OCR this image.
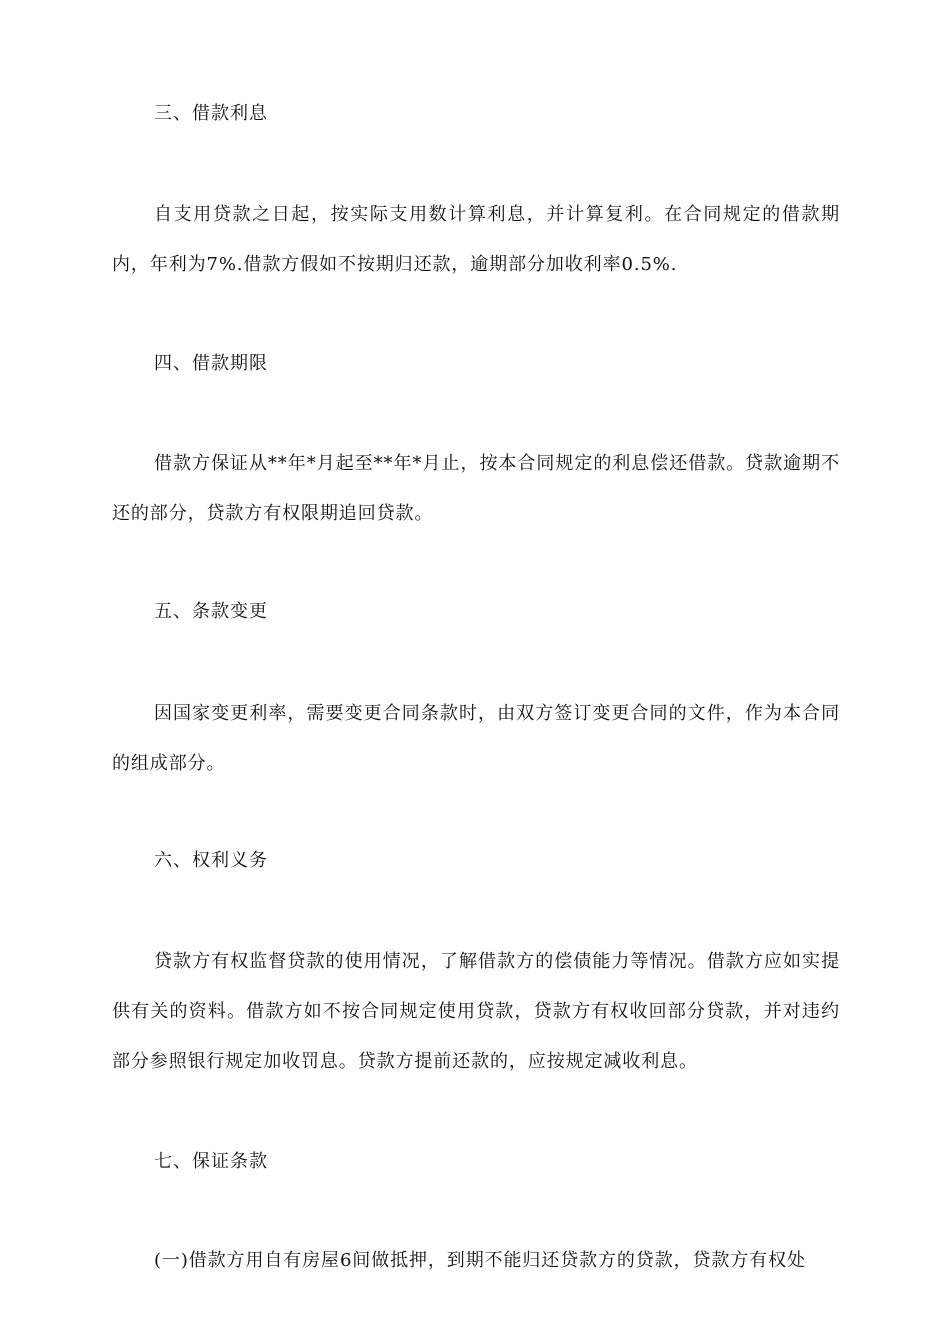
三、借款利息
自支用贷款之日起，按实际支用数计算利息，并计算复利。在合同规定的借款期内，年利为7%.借款方假如不按期归还款，逾期部分加收利率0.5%.
四、借款期限
借款方保证从**年*月起至**年*月止，按本合同规定的利息偿还借款。贷款逾期不还的部分，贷款方有权限期追回贷款。
五、条款变更
因国家变更利率，需要变更合同条款时，由双方签订变更合同的文件，作为本合同的组成部分。
六、权利义务
贷款方有权监督贷款的使用情况，了解借款方的偿债能力等情况。借款方应如实提供有关的资料。借款方如不按合同规定使用贷款，贷款方有权收回部分贷款，并对违约部分参照银行规定加收罚息。贷款方提前还款的，应按规定减收利息。
七、保证条款
(一)借款方用自有房屋6间做抵押，到期不能归还贷款方的贷款，贷款方有权处
